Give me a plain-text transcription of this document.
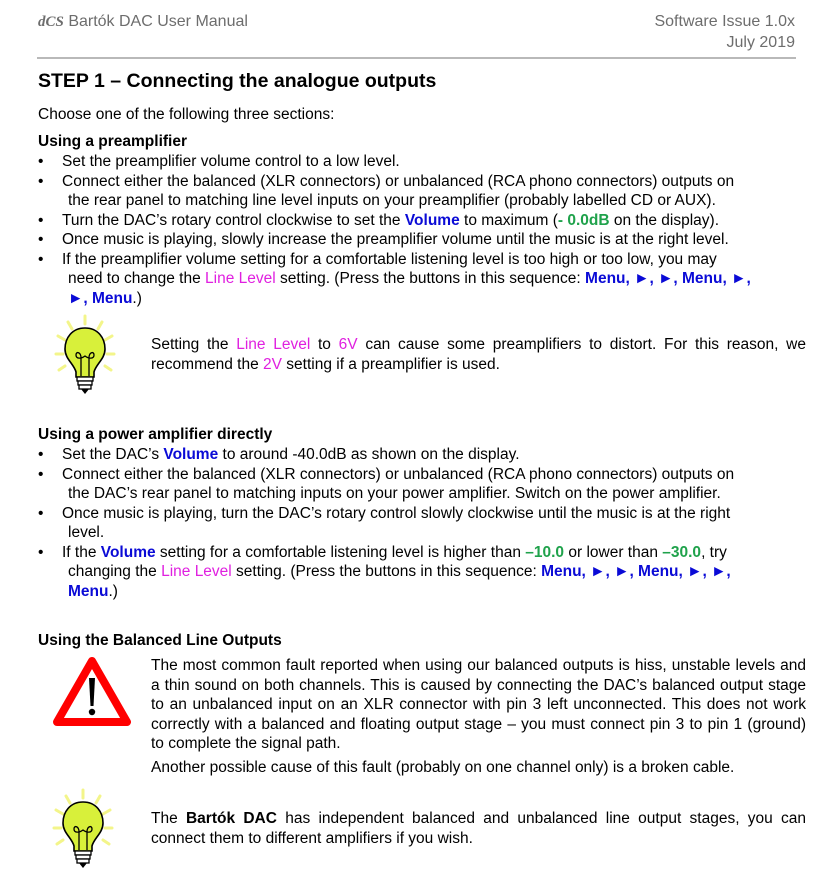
dCS Bartók DAC User Manual	Software Issue 1.0x
July 2019
STEP 1 – Connecting the analogue outputs
Choose one of the following three sections:
Using a preamplifier
•	Set the preamplifier volume control to a low level.
•	Connect either the balanced (XLR connectors) or unbalanced (RCA phono connectors) outputs on
the rear panel to matching line level inputs on your preamplifier (probably labelled CD or AUX).
•	Turn the DAC’s rotary control clockwise to set the Volume to maximum (- 0.0dB on the display).
•	Once music is playing, slowly increase the preamplifier volume until the music is at the right level.
•	If the preamplifier volume setting for a comfortable listening level is too high or too low, you may
need to change the Line Level setting. (Press the buttons in this sequence: Menu, ►, ►, Menu, ►,
►, Menu.)
Setting the Line Level to 6V can cause some preamplifiers to distort. For this reason, we recommend the 2V setting if a preamplifier is used.
Using a power amplifier directly
•	Set the DAC’s Volume to around -40.0dB as shown on the display.
•	Connect either the balanced (XLR connectors) or unbalanced (RCA phono connectors) outputs on
the DAC’s rear panel to matching inputs on your power amplifier. Switch on the power amplifier.
•	Once music is playing, turn the DAC’s rotary control slowly clockwise until the music is at the right
level.
•	If the Volume setting for a comfortable listening level is higher than –10.0 or lower than –30.0, try
changing the Line Level setting. (Press the buttons in this sequence: Menu, ►, ►, Menu, ►, ►,
Menu.)
Using the Balanced Line Outputs
The most common fault reported when using our balanced outputs is hiss, unstable levels and a thin sound on both channels. This is caused by connecting the DAC’s balanced output stage to an unbalanced input on an XLR connector with pin 3 left unconnected. This does not work correctly with a balanced and floating output stage – you must connect pin 3 to pin 1 (ground) to complete the signal path.
Another possible cause of this fault (probably on one channel only) is a broken cable.
The Bartók DAC has independent balanced and unbalanced line output stages, you can connect them to different amplifiers if you wish.
